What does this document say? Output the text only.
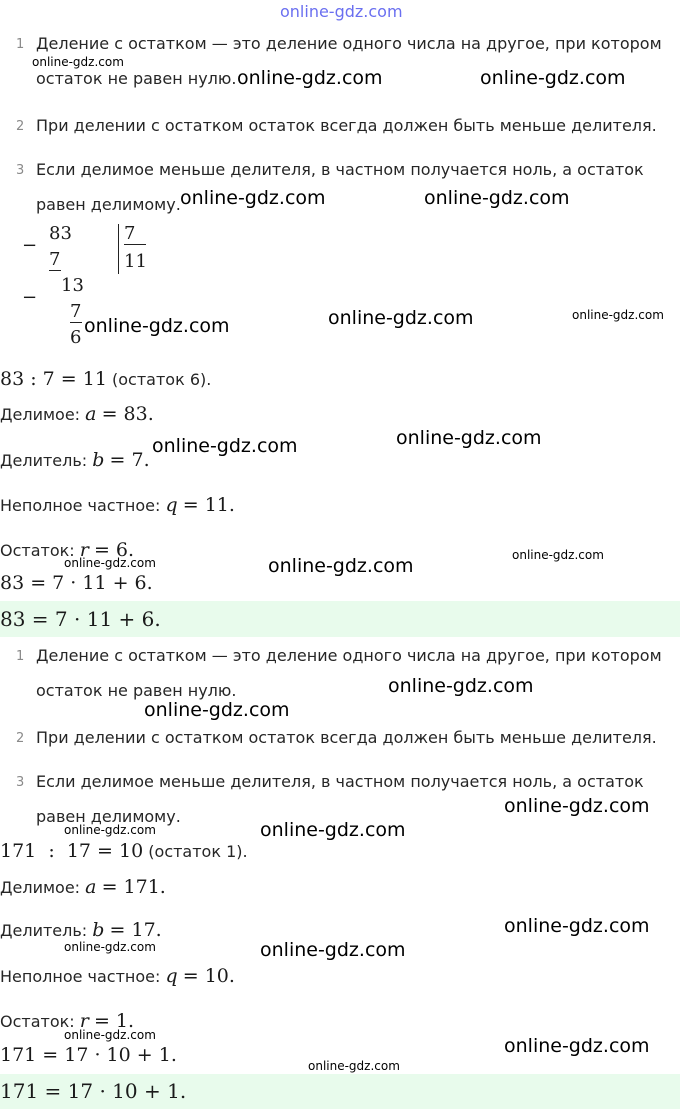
online-gdz.com
1 Деление с остатком — это деление одного числа на другое, при котором
остаток не равен нулю.
2 При делении с остатком остаток всегда должен быть меньше делителя.
3 Если делимое меньше делителя, в частном получается ноль, а остаток
равен делимому.
−
83
7
7
11
−
13
7
6
83 : 7 = 11 (остаток 6).
Делимое: a = 83.
Делитель: b = 7.
Неполное частное: q = 11.
Остаток: r = 6.
83 = 7 · 11 + 6.
83 = 7 · 11 + 6.
1 Деление с остатком — это деление одного числа на другое, при котором
остаток не равен нулю.
2 При делении с остатком остаток всегда должен быть меньше делителя.
3 Если делимое меньше делителя, в частном получается ноль, а остаток
равен делимому.
171  :  17 = 10 (остаток 1).
Делимое: a = 171.
Делитель: b = 17.
Неполное частное: q = 10.
Остаток: r = 1.
171 = 17 · 10 + 1.
171 = 17 · 10 + 1.
online-gdz.com
online-gdz.com	online-gdz.com
online-gdz.com	online-gdz.com
online-gdz.com	online-gdz.com	online-gdz.com
online-gdz.com	online-gdz.com
online-gdz.com	online-gdz.com	online-gdz.com
online-gdz.com
online-gdz.com
online-gdz.com
online-gdz.com	online-gdz.com
online-gdz.com
online-gdz.com	online-gdz.com
online-gdz.com	online-gdz.com
online-gdz.com
